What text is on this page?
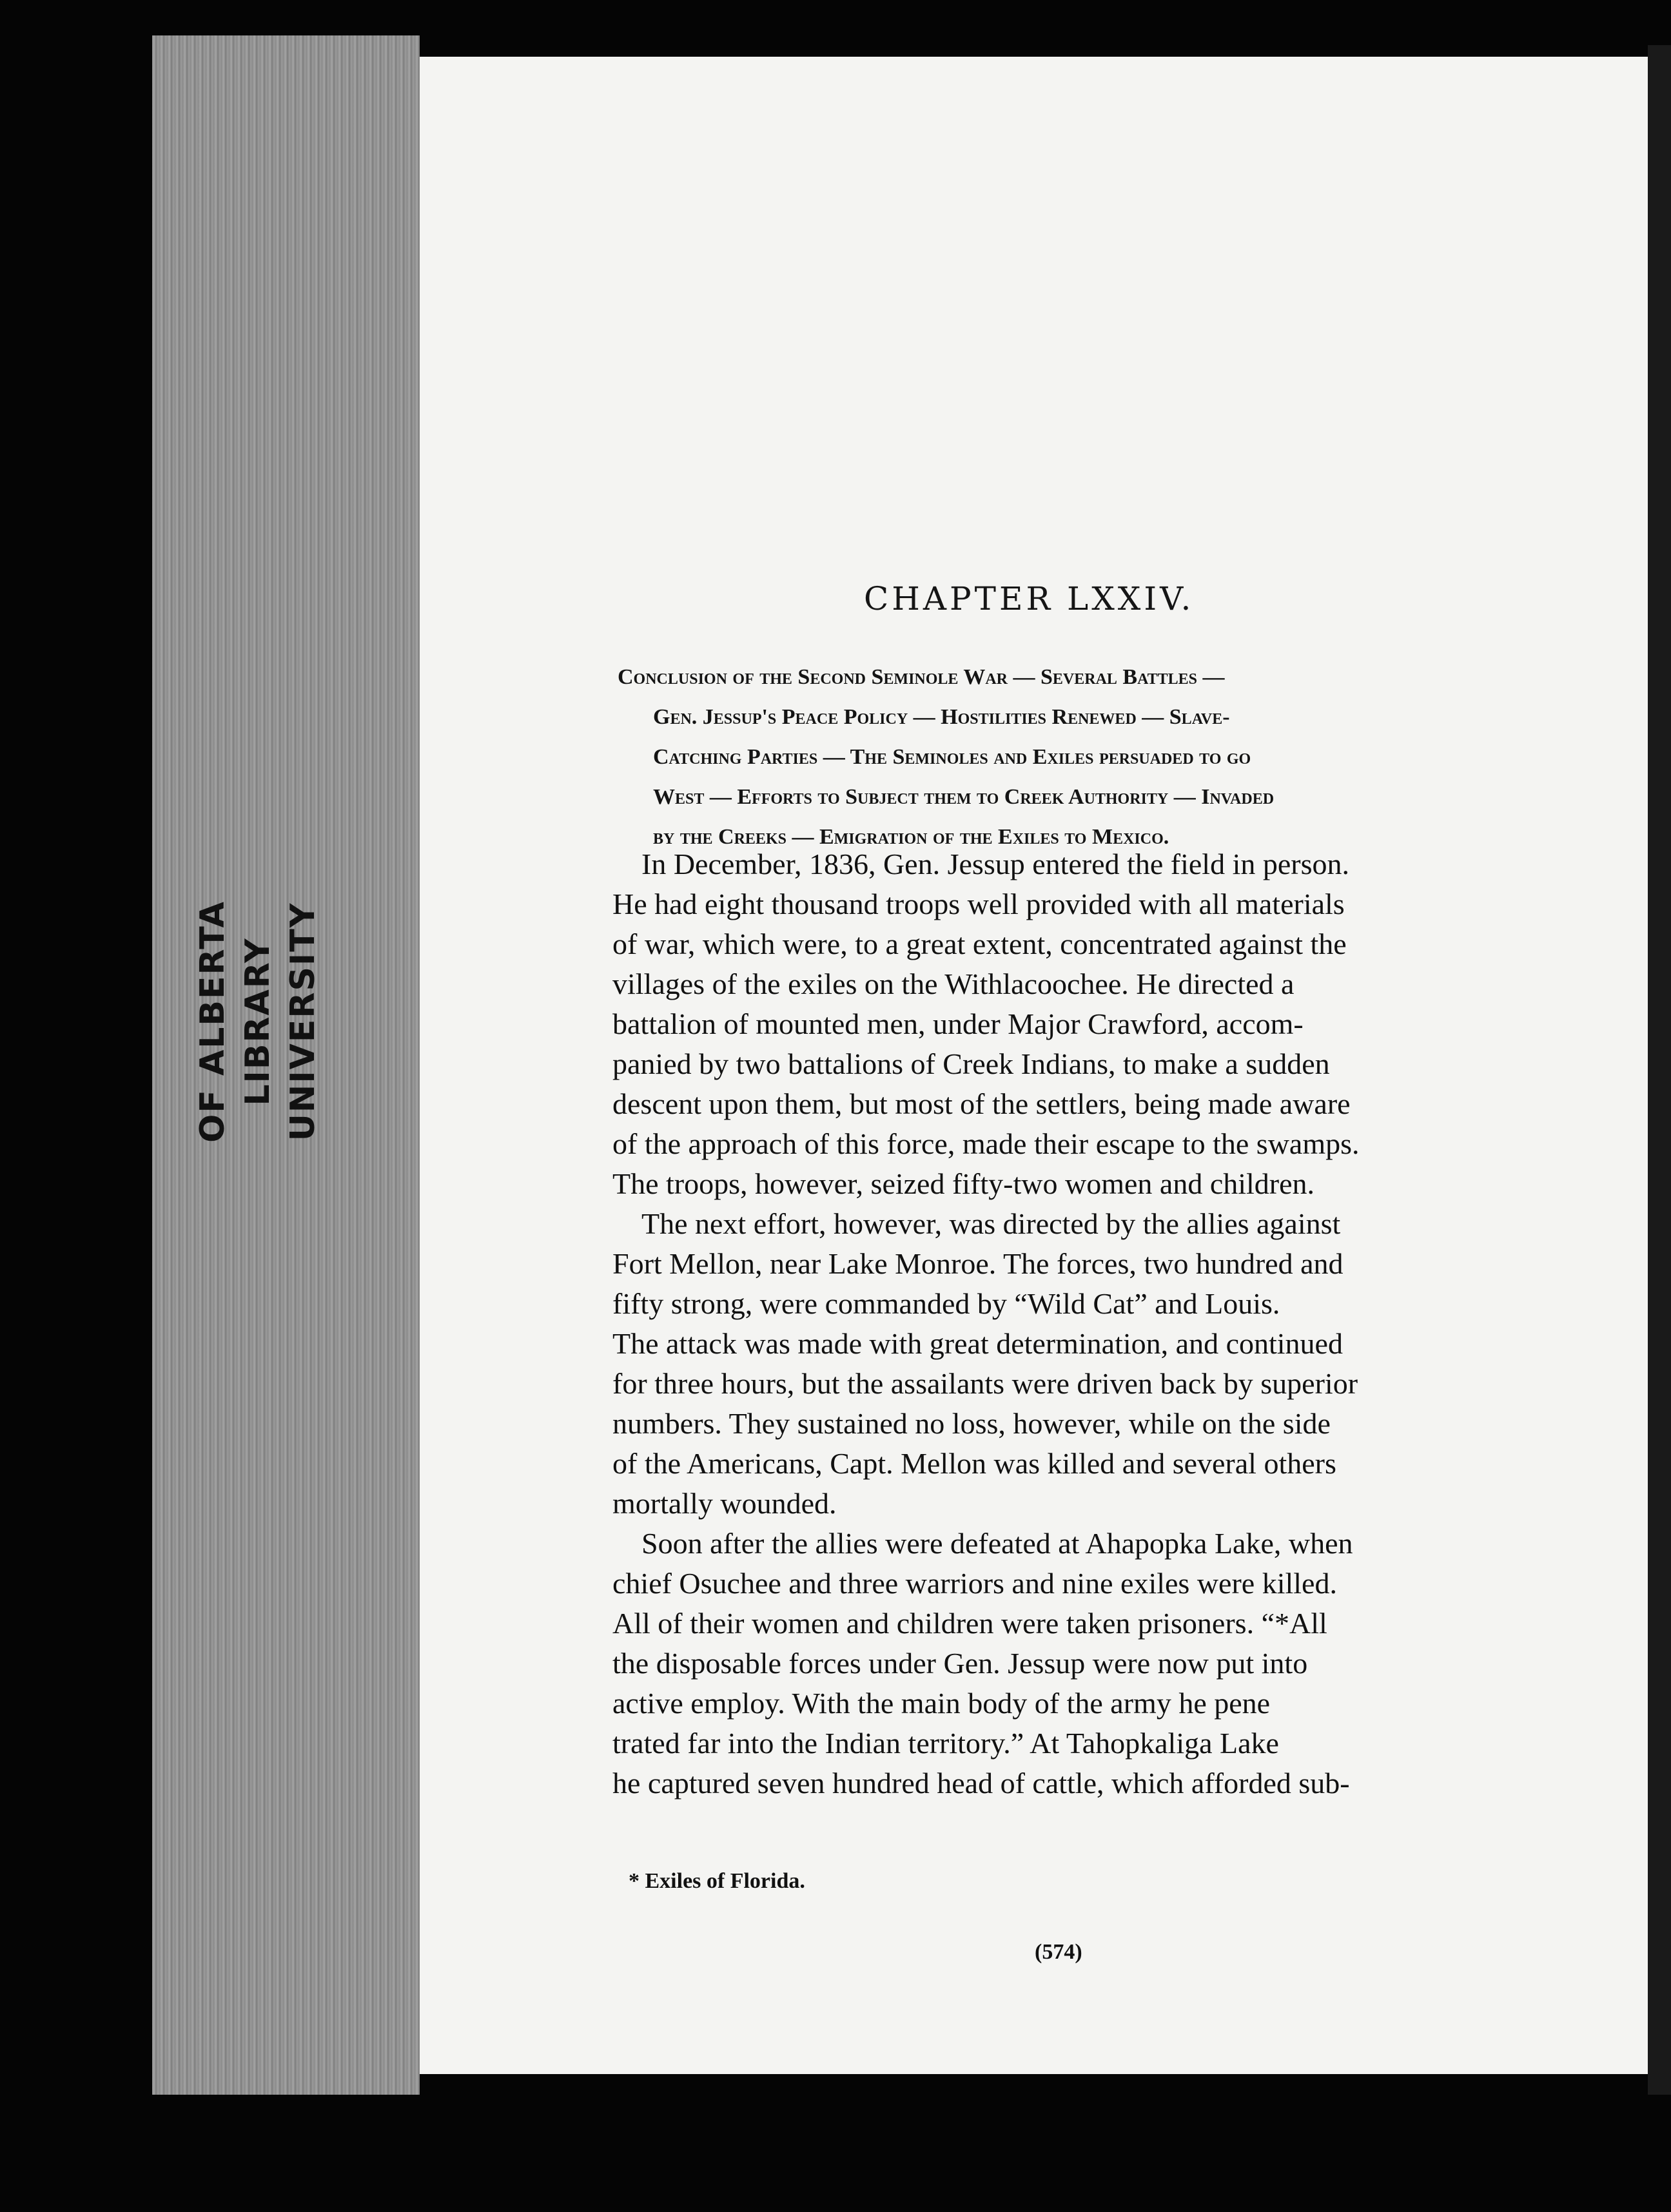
UNIVERSITY
OF ALBERTA LIBRARY
CHAPTER LXXIV.
Conclusion of the Second Seminole War — Several Battles —
Gen. Jessup's Peace Policy — Hostilities Renewed — Slave-
Catching Parties — The Seminoles and Exiles persuaded to go
West — Efforts to Subject them to Creek Authority — Invaded
by the Creeks — Emigration of the Exiles to Mexico.
In December, 1836, Gen. Jessup entered the field in person.
He had eight thousand troops well provided with all materials
of war, which were, to a great extent, concentrated against the
villages of the exiles on the Withlacoochee. He directed a
battalion of mounted men, under Major Crawford, accom-
panied by two battalions of Creek Indians, to make a sudden
descent upon them, but most of the settlers, being made aware
of the approach of this force, made their escape to the swamps.
The troops, however, seized fifty-two women and children.
The next effort, however, was directed by the allies against
Fort Mellon, near Lake Monroe. The forces, two hundred and
fifty strong, were commanded by “Wild Cat” and Louis.
The attack was made with great determination, and continued
for three hours, but the assailants were driven back by superior
numbers. They sustained no loss, however, while on the side
of the Americans, Capt. Mellon was killed and several others
mortally wounded.
Soon after the allies were defeated at Ahapopka Lake, when
chief Osuchee and three warriors and nine exiles were killed.
All of their women and children were taken prisoners. “*All
the disposable forces under Gen. Jessup were now put into
active employ. With the main body of the army he pene
trated far into the Indian territory.” At Tahopkaliga Lake
he captured seven hundred head of cattle, which afforded sub-
* Exiles of Florida.
(574)
